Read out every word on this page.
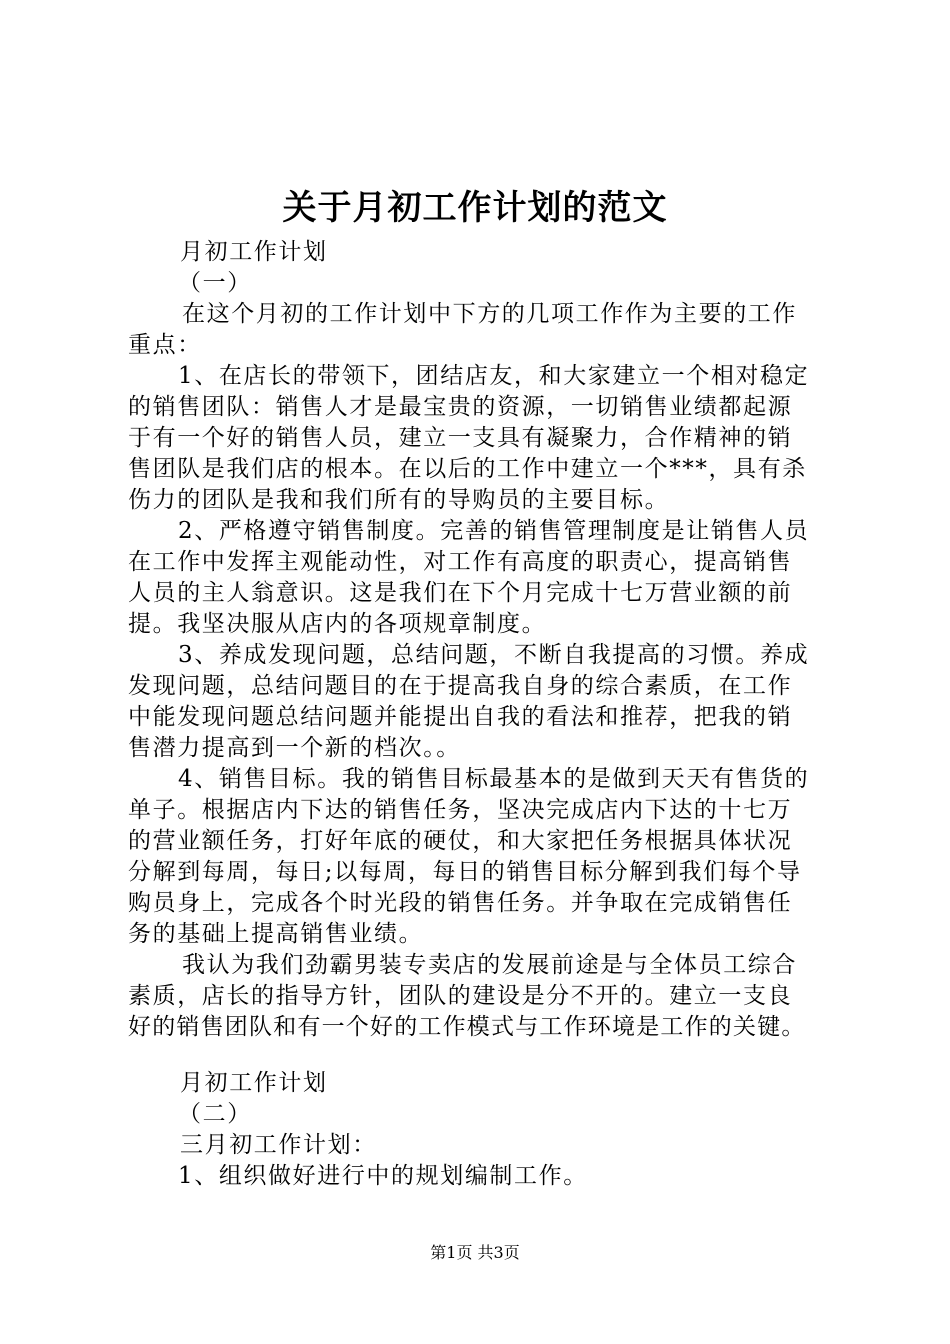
关于月初工作计划的范文
月初工作计划
（一）
在这个月初的工作计划中下方的几项工作作为主要的工作
重点：
1、在店长的带领下，团结店友，和大家建立一个相对稳定
的销售团队：销售人才是最宝贵的资源，一切销售业绩都起源
于有一个好的销售人员，建立一支具有凝聚力，合作精神的销
售团队是我们店的根本。在以后的工作中建立一个***，具有杀
伤力的团队是我和我们所有的导购员的主要目标。
2、严格遵守销售制度。完善的销售管理制度是让销售人员
在工作中发挥主观能动性，对工作有高度的职责心，提高销售
人员的主人翁意识。这是我们在下个月完成十七万营业额的前
提。我坚决服从店内的各项规章制度。
3、养成发现问题，总结问题，不断自我提高的习惯。养成
发现问题，总结问题目的在于提高我自身的综合素质，在工作
中能发现问题总结问题并能提出自我的看法和推荐，把我的销
售潜力提高到一个新的档次。。
4、销售目标。我的销售目标最基本的是做到天天有售货的
单子。根据店内下达的销售任务，坚决完成店内下达的十七万
的营业额任务，打好年底的硬仗，和大家把任务根据具体状况
分解到每周，每日;以每周，每日的销售目标分解到我们每个导
购员身上，完成各个时光段的销售任务。并争取在完成销售任
务的基础上提高销售业绩。
我认为我们劲霸男装专卖店的发展前途是与全体员工综合
素质，店长的指导方针，团队的建设是分不开的。建立一支良
好的销售团队和有一个好的工作模式与工作环境是工作的关键。
月初工作计划
（二）
三月初工作计划：
1、组织做好进行中的规划编制工作。
第1页 共3页
